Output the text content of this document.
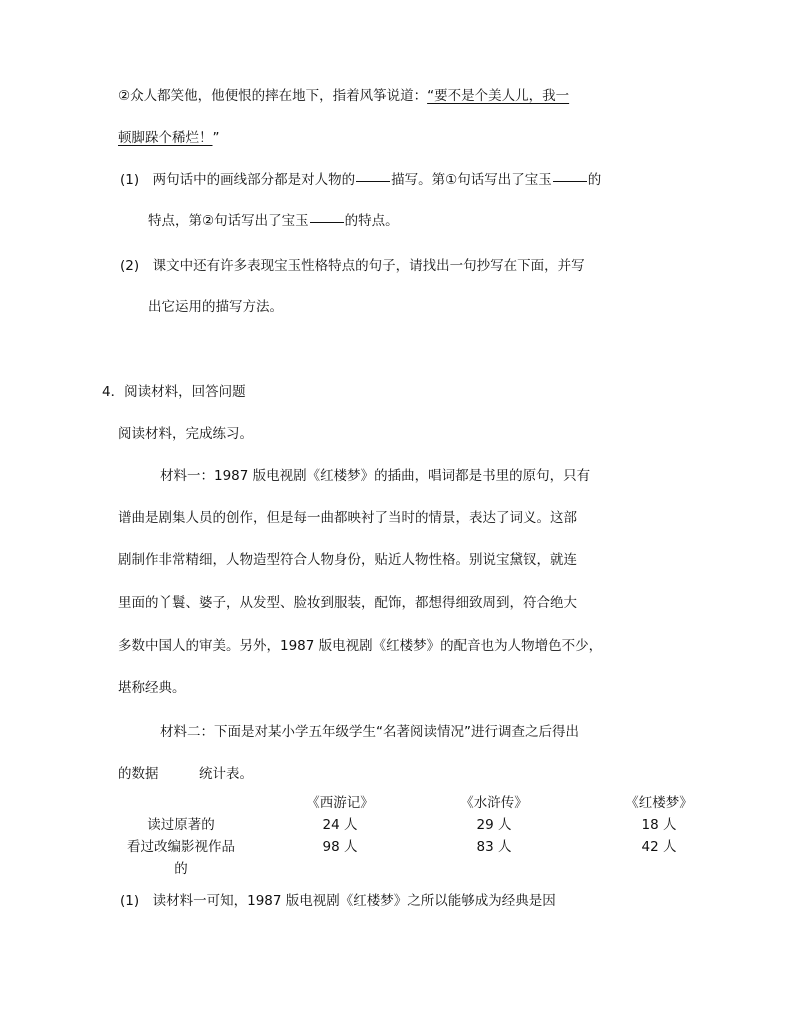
②众人都笑他，他便恨的摔在地下，指着风筝说道：“要不是个美人儿，我一
顿脚跺个稀烂！”
(1)　两句话中的画线部分都是对人物的	描写。第①句话写出了宝玉	的
特点，第②句话写出了宝玉	的特点。
(2)　课文中还有许多表现宝玉性格特点的句子，请找出一句抄写在下面，并写
出它运用的描写方法。
4．阅读材料，回答问题
阅读材料，完成练习。
材料一：1987 版电视剧《红楼梦》的插曲，唱词都是书里的原句，只有
谱曲是剧集人员的创作，但是每一曲都映衬了当时的情景，表达了词义。这部
剧制作非常精细，人物造型符合人物身份，贴近人物性格。别说宝黛钗，就连
里面的丫鬟、婆子，从发型、脸妆到服装，配饰，都想得细致周到，符合绝大
多数中国人的审美。另外，1987 版电视剧《红楼梦》的配音也为人物增色不少，
堪称经典。
材料二：下面是对某小学五年级学生“名著阅读情况”进行调查之后得出
的数据　　　统计表。
	《西游记》	《水浒传》	《红楼梦》
读过原著的	24 人	29 人	18 人
看过改编影视作品	98 人	83 人	42 人
的			
(1)　读材料一可知，1987 版电视剧《红楼梦》之所以能够成为经典是因
